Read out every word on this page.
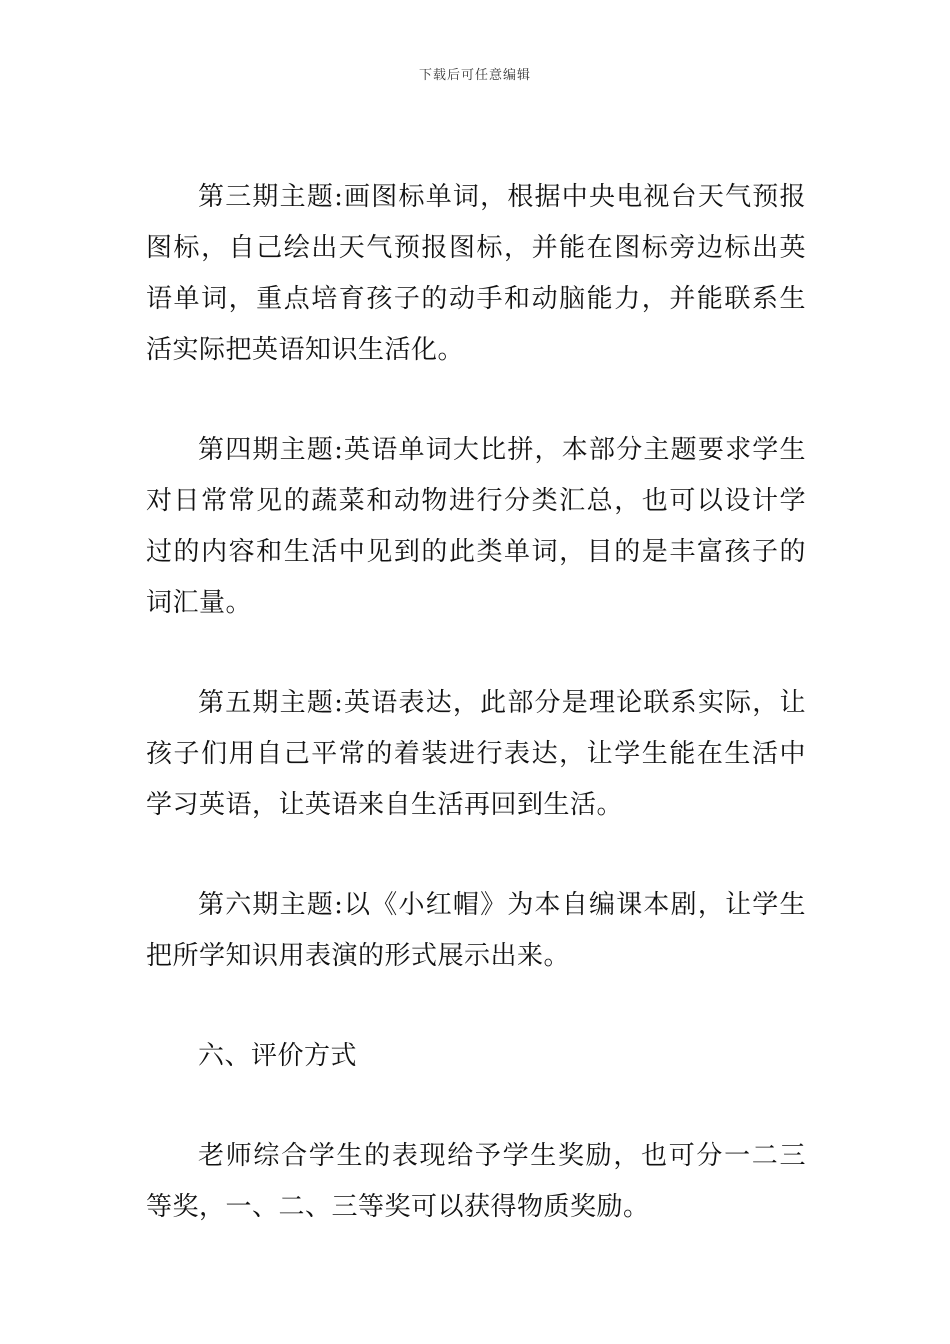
下载后可任意编辑

第三期主题:画图标单词，根据中央电视台天气预报图标，自己绘出天气预报图标，并能在图标旁边标出英语单词，重点培育孩子的动手和动脑能力，并能联系生活实际把英语知识生活化。

第四期主题:英语单词大比拼，本部分主题要求学生对日常常见的蔬菜和动物进行分类汇总，也可以设计学过的内容和生活中见到的此类单词，目的是丰富孩子的词汇量。

第五期主题:英语表达，此部分是理论联系实际，让孩子们用自己平常的着装进行表达，让学生能在生活中学习英语，让英语来自生活再回到生活。

第六期主题:以《小红帽》为本自编课本剧，让学生把所学知识用表演的形式展示出来。

六、评价方式

老师综合学生的表现给予学生奖励，也可分一二三等奖，一、二、三等奖可以获得物质奖励。
